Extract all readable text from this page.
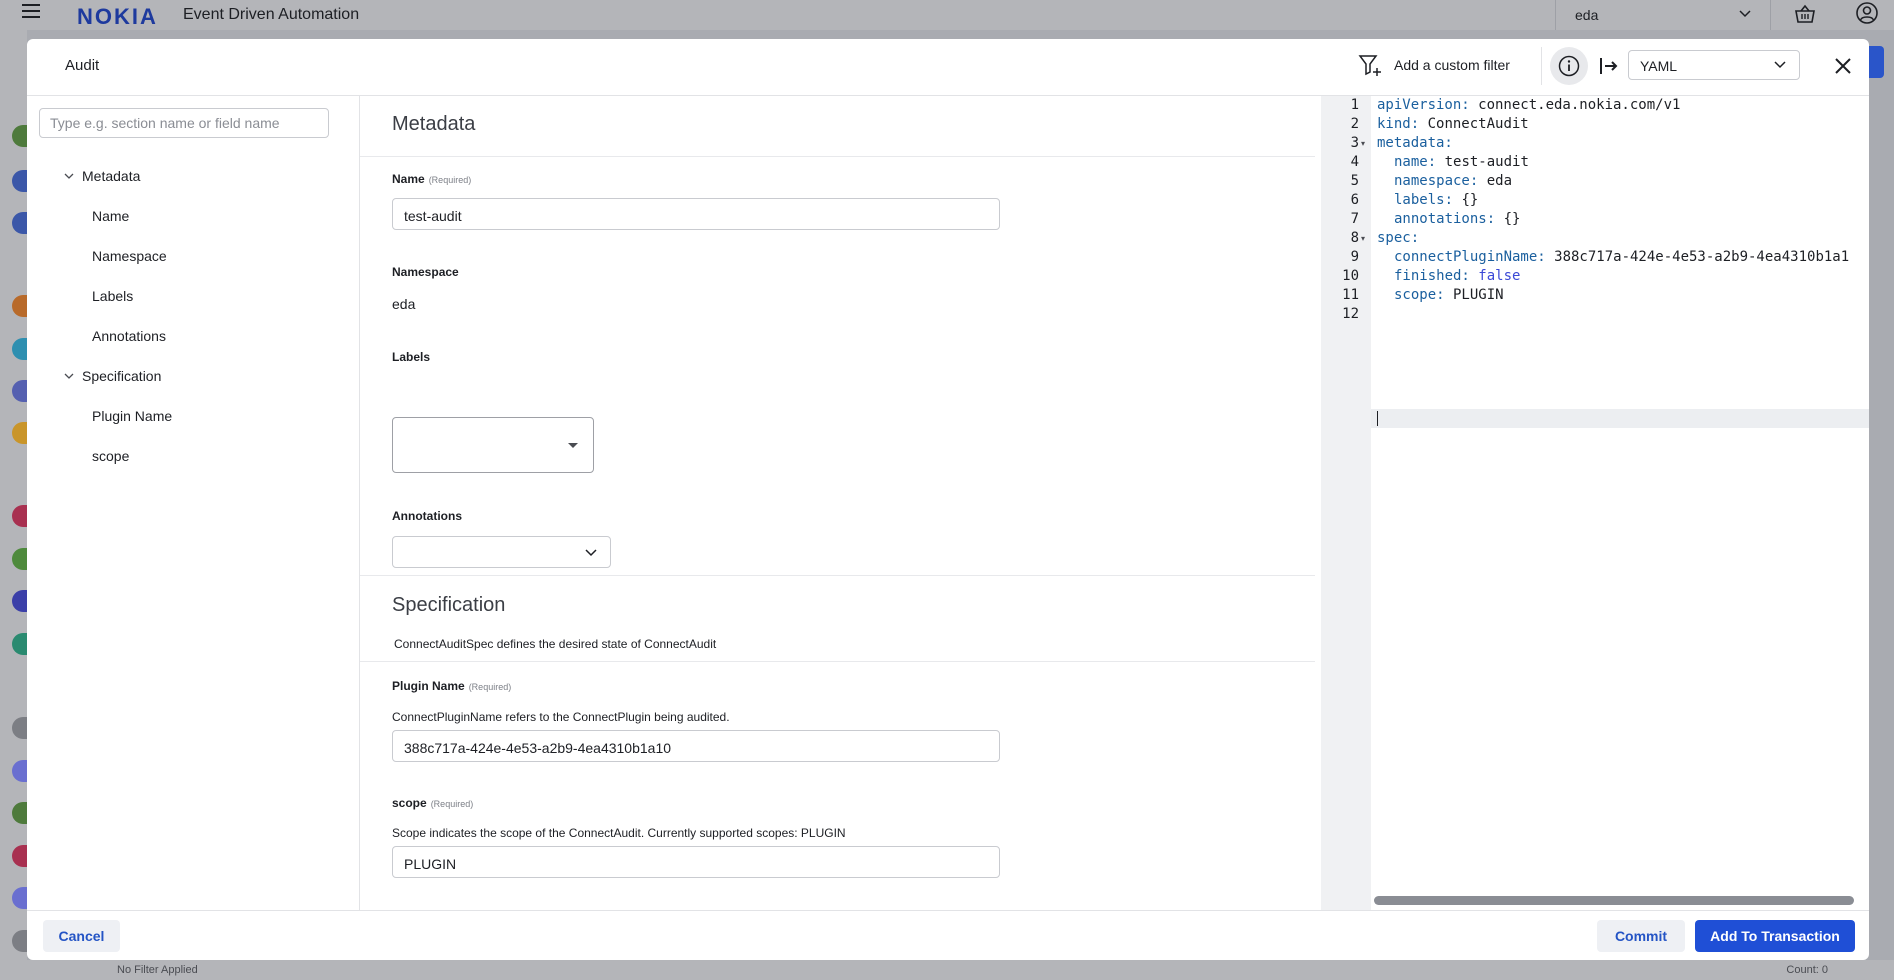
NOKIA Event Driven Automation	eda
No Filter Applied	Count: 0
Audit	Add a custom filter	YAML
Type e.g. section name or field name
Metadata
Name
Namespace
Labels
Annotations
Specification
Plugin Name
scope
Metadata
Name (Required)
test-audit
Namespace
eda
Labels
Annotations
Specification
ConnectAuditSpec defines the desired state of ConnectAudit
Plugin Name (Required)
ConnectPluginName refers to the ConnectPlugin being audited.
388c717a-424e-4e53-a2b9-4ea4310b1a10
scope (Required)
Scope indicates the scope of the ConnectAudit. Currently supported scopes: PLUGIN
PLUGIN
1 apiVersion: connect.eda.nokia.com/v1
2 kind: ConnectAudit
3 ▾ metadata:
4	name: test-audit
5	namespace: eda
6	labels: {}
7	annotations: {}
8 ▾ spec:
9	connectPluginName: 388c717a-424e-4e53-a2b9-4ea4310b1a1
10	finished: false
11	scope: PLUGIN
12
Cancel	Commit	Add To Transaction
